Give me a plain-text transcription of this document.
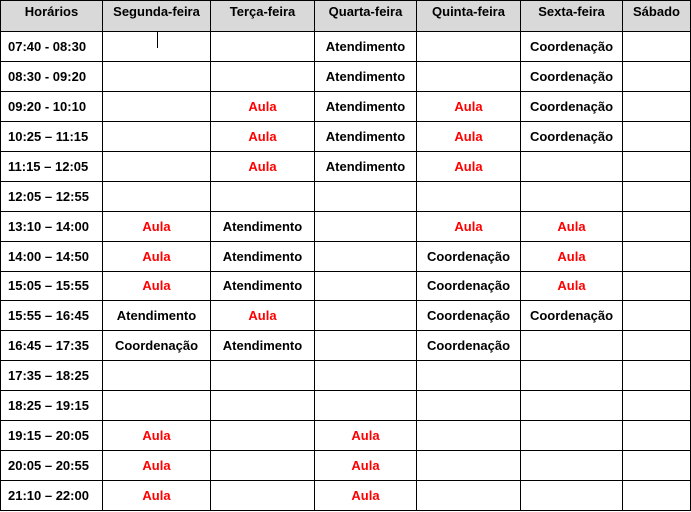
Horários	Segunda-feira	Terça-feira	Quarta-feira	Quinta-feira	Sexta-feira	Sábado
07:40 - 08:30			Atendimento		Coordenação	
08:30 - 09:20			Atendimento		Coordenação	
09:20 - 10:10		Aula	Atendimento	Aula	Coordenação	
10:25 – 11:15		Aula	Atendimento	Aula	Coordenação	
11:15 – 12:05		Aula	Atendimento	Aula		
12:05 – 12:55						
13:10 – 14:00	Aula	Atendimento		Aula	Aula	
14:00 – 14:50	Aula	Atendimento		Coordenação	Aula	
15:05 – 15:55	Aula	Atendimento		Coordenação	Aula	
15:55 – 16:45	Atendimento	Aula		Coordenação	Coordenação	
16:45 – 17:35	Coordenação	Atendimento		Coordenação		
17:35 – 18:25						
18:25 – 19:15						
19:15 – 20:05	Aula		Aula			
20:05 – 20:55	Aula		Aula			
21:10 – 22:00	Aula		Aula			
